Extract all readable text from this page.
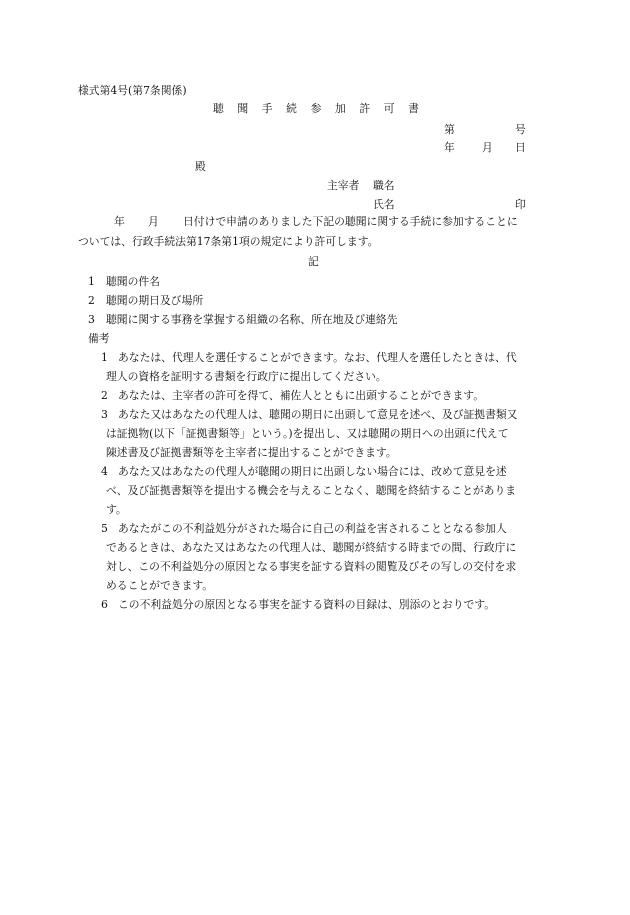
様式第4号(第7条関係)
聴 聞 手 続 参 加 許 可 書
第	号
年	月 日
殿
主宰者 職名
氏名	印
年 月 日付けで申請のありました下記の聴聞に関する手続に参加することに
ついては、行政手続法第17条第1項の規定により許可します。
記
1 聴聞の件名
2 聴聞の期日及び場所
3 聴聞に関する事務を掌握する組織の名称、所在地及び連絡先
備考
1 あなたは、代理人を選任することができます。なお、代理人を選任したときは、代
理人の資格を証明する書類を行政庁に提出してください。
2 あなたは、主宰者の許可を得て、補佐人とともに出頭することができます。
3 あなた又はあなたの代理人は、聴聞の期日に出頭して意見を述べ、及び証拠書類又
は証拠物(以下「証拠書類等」という。)を提出し、又は聴聞の期日への出頭に代えて
陳述書及び証拠書類等を主宰者に提出することができます。
4 あなた又はあなたの代理人が聴聞の期日に出頭しない場合には、改めて意見を述
べ、及び証拠書類等を提出する機会を与えることなく、聴聞を終結することがありま
す。
5 あなたがこの不利益処分がされた場合に自己の利益を害されることとなる参加人
であるときは、あなた又はあなたの代理人は、聴聞が終結する時までの間、行政庁に
対し、この不利益処分の原因となる事実を証する資料の閲覧及びその写しの交付を求
めることができます。
6 この不利益処分の原因となる事実を証する資料の目録は、別添のとおりです。
